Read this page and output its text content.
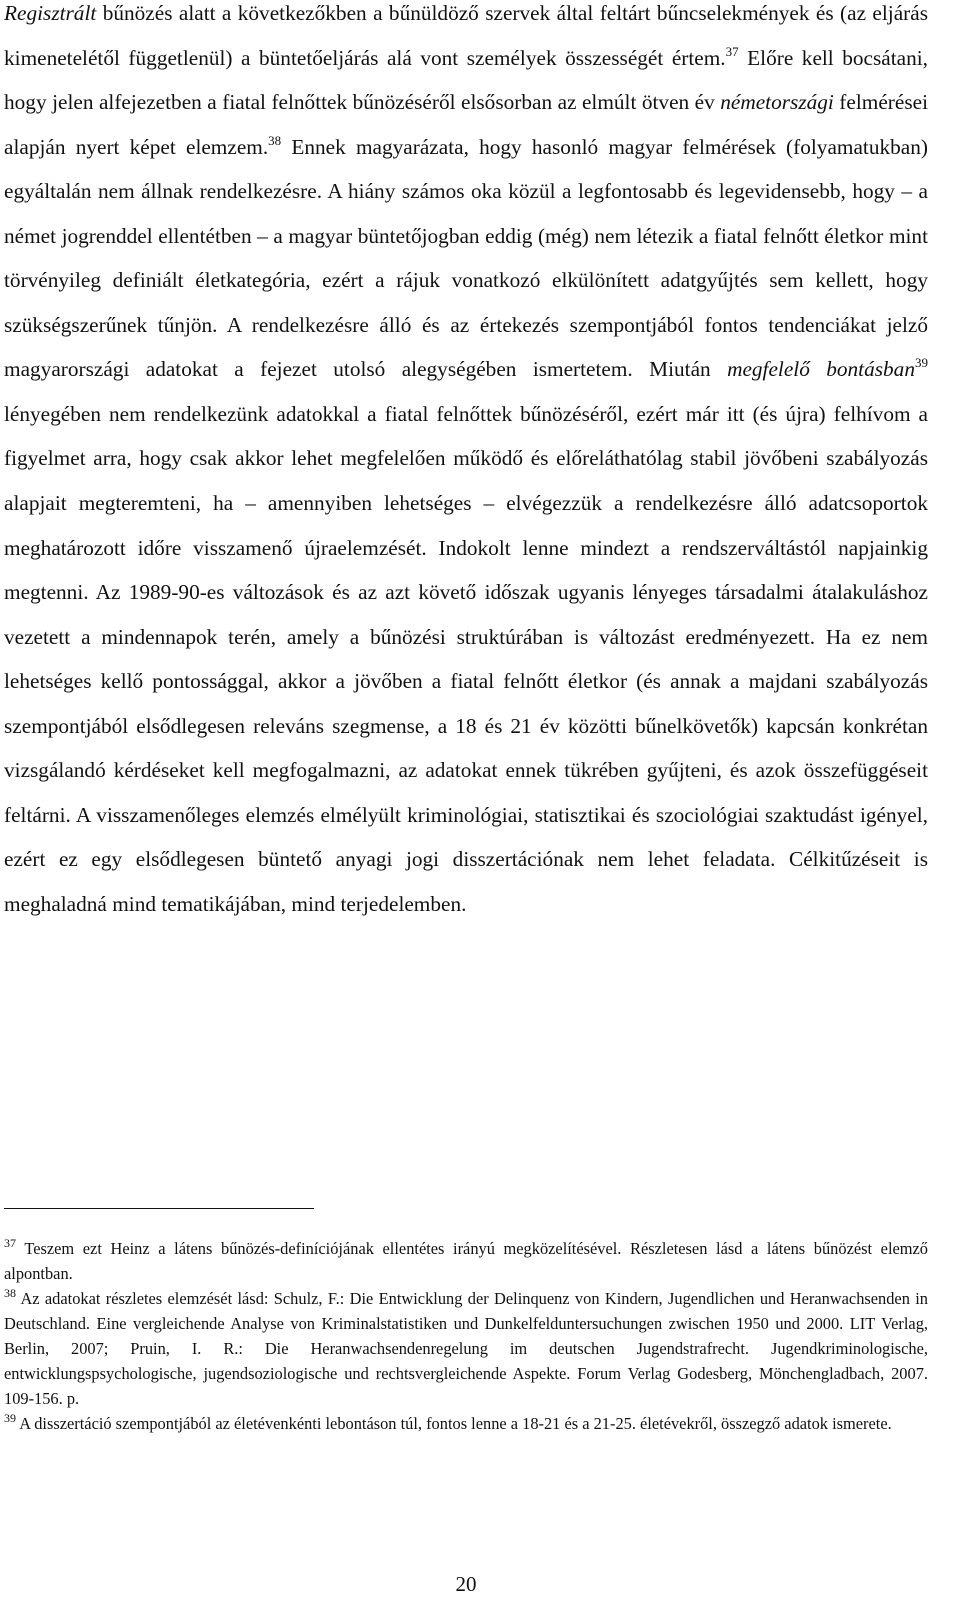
Regisztrált bűnözés alatt a következőkben a bűnüldöző szervek által feltárt bűncselekmények és (az eljárás kimenetelétől függetlenül) a büntetőeljárás alá vont személyek összességét értem.$^{37}$ Előre kell bocsátani, hogy jelen alfejezetben a fiatal felnőttek bűnözéséről elsősorban az elmúlt ötven év németországi felmérései alapján nyert képet elemzem.$^{38}$ Ennek magyarázata, hogy hasonló magyar felmérések (folyamatukban) egyáltalán nem állnak rendelkezésre. A hiány számos oka közül a legfontosabb és legevidensebb, hogy – a német jogrenddel ellentétben – a magyar büntetőjogban eddig (még) nem létezik a fiatal felnőtt életkor mint törvényileg definiált életkategória, ezért a rájuk vonatkozó elkülönített adatgyűjtés sem kellett, hogy szükségszerűnek tűnjön. A rendelkezésre álló és az értekezés szempontjából fontos tendenciákat jelző magyarországi adatokat a fejezet utolsó alegységében ismertetem. Miután megfelelő bontásban$^{39}$ lényegében nem rendelkezünk adatokkal a fiatal felnőttek bűnözéséről, ezért már itt (és újra) felhívom a figyelmet arra, hogy csak akkor lehet megfelelően működő és előreláthatólag stabil jövőbeni szabályozás alapjait megteremteni, ha – amennyiben lehetséges – elvégezzük a rendelkezésre álló adatcsoportok meghatározott időre visszamenő újraelemzését. Indokolt lenne mindezt a rendszerváltástól napjainkig megtenni. Az 1989-90-es változások és az azt követő időszak ugyanis lényeges társadalmi átalakuláshoz vezetett a mindennapok terén, amely a bűnözési struktúrában is változást eredményezett. Ha ez nem lehetséges kellő pontossággal, akkor a jövőben a fiatal felnőtt életkor (és annak a majdani szabályozás szempontjából elsődlegesen releváns szegmense, a 18 és 21 év közötti bűnelkövetők) kapcsán konkrétan vizsgálandó kérdéseket kell megfogalmazni, az adatokat ennek tükrében gyűjteni, és azok összefüggéseit feltárni. A visszamenőleges elemzés elmélyült kriminológiai, statisztikai és szociológiai szaktudást igényel, ezért ez egy elsődlegesen büntető anyagi jogi disszertációnak nem lehet feladata. Célkitűzéseit is meghaladná mind tematikájában, mind terjedelemben.

$^{37}$ Teszem ezt Heinz a látens bűnözés-definíciójának ellentétes irányú megközelítésével. Részletesen lásd a látens bűnözést elemző alpontban.

$^{38}$ Az adatokat részletes elemzését lásd: Schulz, F.: Die Entwicklung der Delinquenz von Kindern, Jugendlichen und Heranwachsenden in Deutschland. Eine vergleichende Analyse von Kriminalstatistiken und Dunkelfelduntersuchungen zwischen 1950 und 2000. LIT Verlag, Berlin, 2007; Pruin, I. R.: Die Heranwachsendenregelung im deutschen Jugendstrafrecht. Jugendkriminologische, entwicklungspsychologische, jugendsoziologische und rechtsvergleichende Aspekte. Forum Verlag Godesberg, Mönchengladbach, 2007. 109-156. p.

$^{39}$ A disszertáció szempontjából az életévenkénti lebontáson túl, fontos lenne a 18-21 és a 21-25. életévekről, összegző adatok ismerete.

20
